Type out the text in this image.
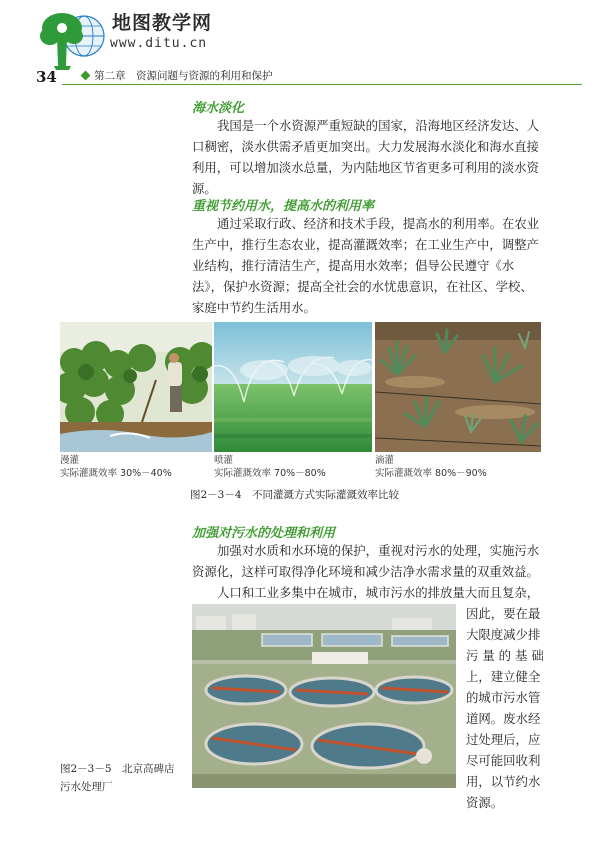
地图教学网
www.ditu.cn
34	第二章　资源问题与资源的利用和保护
海水淡化
我国是一个水资源严重短缺的国家，沿海地区经济发达、人口稠密，淡水供需矛盾更加突出。大力发展海水淡化和海水直接利用，可以增加淡水总量，为内陆地区节省更多可利用的淡水资源。
重视节约用水，提高水的利用率
通过采取行政、经济和技术手段，提高水的利用率。在农业生产中，推行生态农业，提高灌溉效率；在工业生产中，调整产业结构，推行清洁生产，提高用水效率；倡导公民遵守《水法》，保护水资源；提高全社会的水忧患意识，在社区、学校、家庭中节约生活用水。
漫灌
实际灌溉效率 30%－40%
喷灌
实际灌溉效率 70%－80%
滴灌
实际灌溉效率 80%－90%
图2－3－4　不同灌溉方式实际灌溉效率比较
加强对污水的处理和利用
加强对水质和水环境的保护，重视对污水的处理，实施污水资源化，这样可取得净化环境和减少洁净水需求量的双重效益。
人口和工业多集中在城市，城市污水的排放量大而且复杂，
因此，要在最
大限度减少排
污 量 的 基 础
上，建立健全
的城市污水管
道网。废水经
过处理后，应
尽可能回收利
用，以节约水
资源。
图2－3－5　北京高碑店
污水处理厂
